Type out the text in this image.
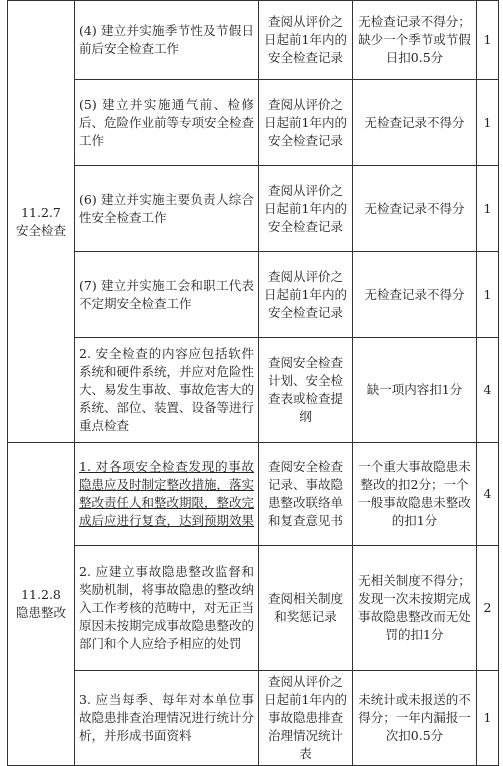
11.2.7
安全检查	(4) 建立并实施季节性及节假日前后安全检查工作	查阅从评价之日起前1年内的安全检查记录	无检查记录不得分；缺少一个季节或节假日扣0.5分	1

	(5) 建立并实施通气前、检修后、危险作业前等专项安全检查工作	查阅从评价之日起前1年内的安全检查记录	无检查记录不得分	1

	(6) 建立并实施主要负责人综合性安全检查工作	查阅从评价之日起前1年内的安全检查记录	无检查记录不得分	1

	(7) 建立并实施工会和职工代表不定期安全检查工作	查阅从评价之日起前1年内的安全检查记录	无检查记录不得分	1

	2. 安全检查的内容应包括软件系统和硬件系统，并应对危险性大、易发生事故、事故危害大的系统、部位、装置、设备等进行重点检查	查阅安全检查计划、安全检查表或检查提纲	缺一项内容扣1分	4

11.2.8
隐患整改	1. 对各项安全检查发现的事故隐患应及时制定整改措施，落实整改责任人和整改期限，整改完成后应进行复查，达到预期效果	查阅安全检查记录、事故隐患整改联络单和复查意见书	一个重大事故隐患未整改的扣2分；一个一般事故隐患未整改的扣1分	4

	2. 应建立事故隐患整改监督和奖励机制，将事故隐患的整改纳入工作考核的范畴中，对无正当原因未按期完成事故隐患整改的部门和个人应给予相应的处罚	查阅相关制度和奖惩记录	无相关制度不得分；发现一次未按期完成事故隐患整改而无处罚的扣1分	2

	3. 应当每季、每年对本单位事故隐患排查治理情况进行统计分析，并形成书面资料	查阅从评价之日起前1年内的事故隐患排查治理情况统计表	未统计或未报送的不得分；一年内漏报一次扣0.5分	1
